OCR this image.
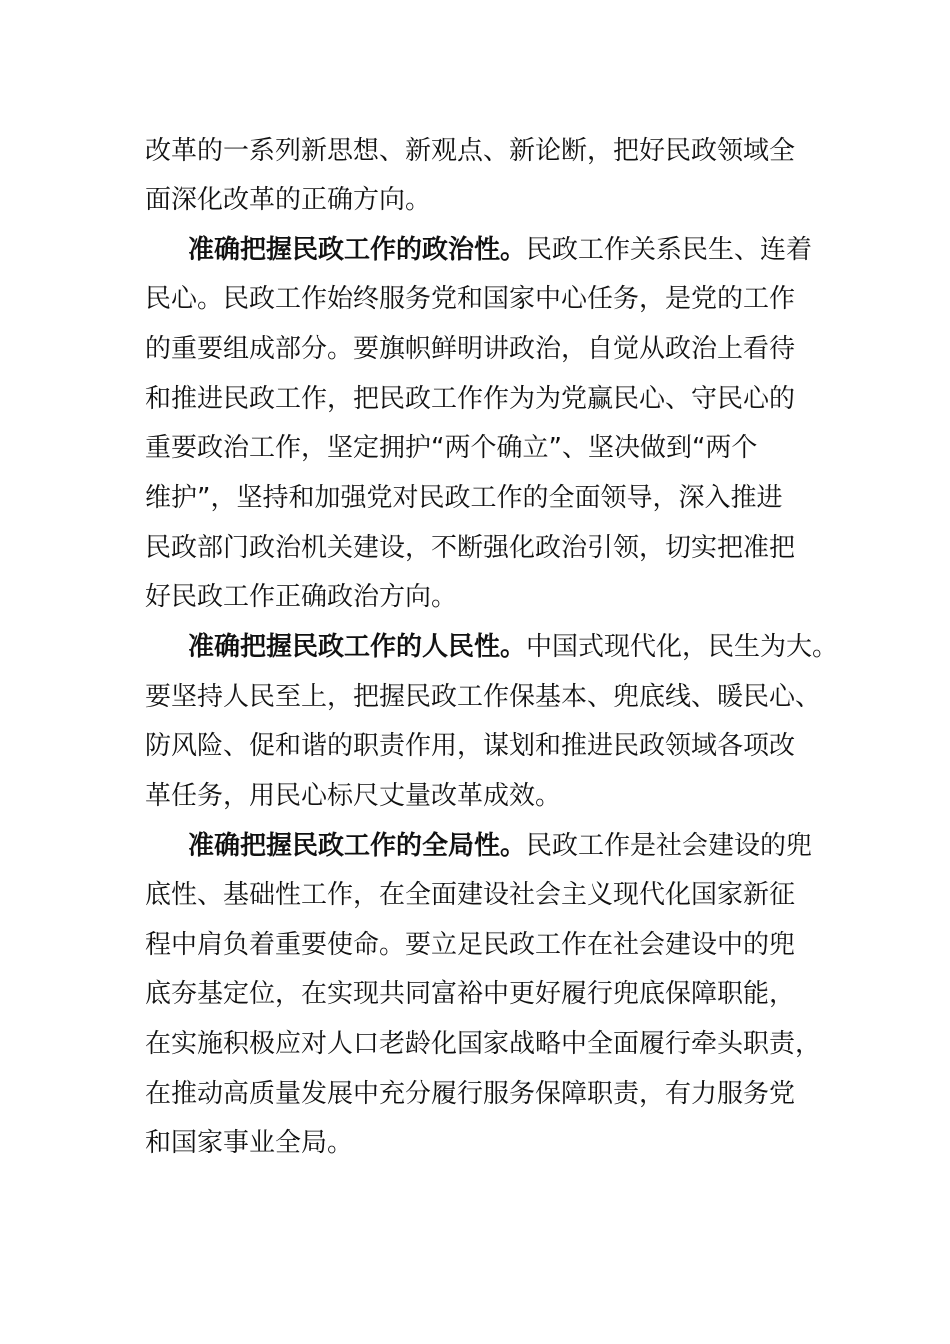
改革的一系列新思想、新观点、新论断，把好民政领域全
面深化改革的正确方向。
准确把握民政工作的政治性。民政工作关系民生、连着
民心。民政工作始终服务党和国家中心任务，是党的工作
的重要组成部分。要旗帜鲜明讲政治，自觉从政治上看待
和推进民政工作，把民政工作作为为党赢民心、守民心的
重要政治工作，坚定拥护“两个确立”、坚决做到“两个
维护”，坚持和加强党对民政工作的全面领导，深入推进
民政部门政治机关建设，不断强化政治引领，切实把准把
好民政工作正确政治方向。
准确把握民政工作的人民性。中国式现代化，民生为大。
要坚持人民至上，把握民政工作保基本、兜底线、暖民心、
防风险、促和谐的职责作用，谋划和推进民政领域各项改
革任务，用民心标尺丈量改革成效。
准确把握民政工作的全局性。民政工作是社会建设的兜
底性、基础性工作，在全面建设社会主义现代化国家新征
程中肩负着重要使命。要立足民政工作在社会建设中的兜
底夯基定位，在实现共同富裕中更好履行兜底保障职能，
在实施积极应对人口老龄化国家战略中全面履行牵头职责，
在推动高质量发展中充分履行服务保障职责，有力服务党
和国家事业全局。
